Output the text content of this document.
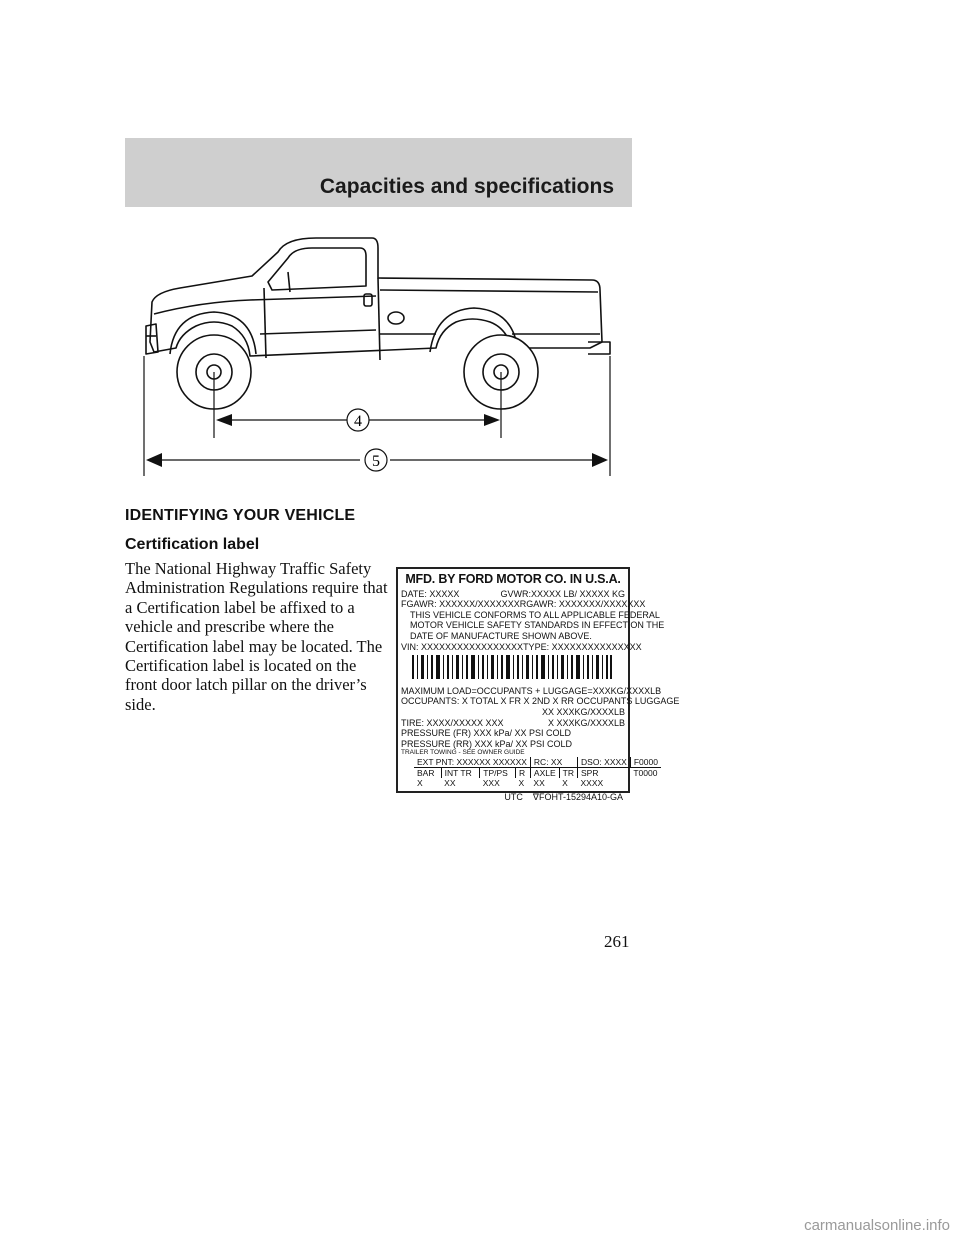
Capacities and specifications
4
5
IDENTIFYING YOUR VEHICLE
Certification label
The National Highway Traffic Safety Administration Regulations require that a Certification label be affixed to a vehicle and prescribe where the Certification label may be located. The Certification label is located on the front door latch pillar on the driver’s side.
MFD. BY FORD MOTOR CO. IN U.S.A.
DATE: XXXXX	GVWR:XXXXX LB/ XXXXX KG
FGAWR: XXXXXX/XXXXXXX RGAWR: XXXXXXX/XXXXXXX
THIS VEHICLE CONFORMS TO ALL APPLICABLE FEDERAL
MOTOR VEHICLE SAFETY STANDARDS IN EFFECT ON THE
DATE OF MANUFACTURE SHOWN ABOVE.
VIN: XXXXXXXXXXXXXXXXX TYPE: XXXXXXXXXXXXXXX
MAXIMUM LOAD=OCCUPANTS + LUGGAGE=XXXKG/XXXXLB
OCCUPANTS: X TOTAL X FR X 2ND X RR OCCUPANTS LUGGAGE
XX XXXKG/XXXXLB
TIRE: XXXX/XXXXX XXX	X XXXKG/XXXXLB
PRESSURE (FR) XXX kPa/ XX PSI COLD
PRESSURE (RR) XXX kPa/ XX PSI COLD
TRAILER TOWING - SEE OWNER GUIDE
EXT PNT: XXXXXX XXXXXX				RC: XX		DSO: XXXX	F0000
BAR	INT TR	TP/PS	R	AXLE	TR	SPR	T0000
X	XX	XXX	X	XX	X	XXXX	
UTC ∇FOHT-15294A10-GA
261
carmanualsonline.info
